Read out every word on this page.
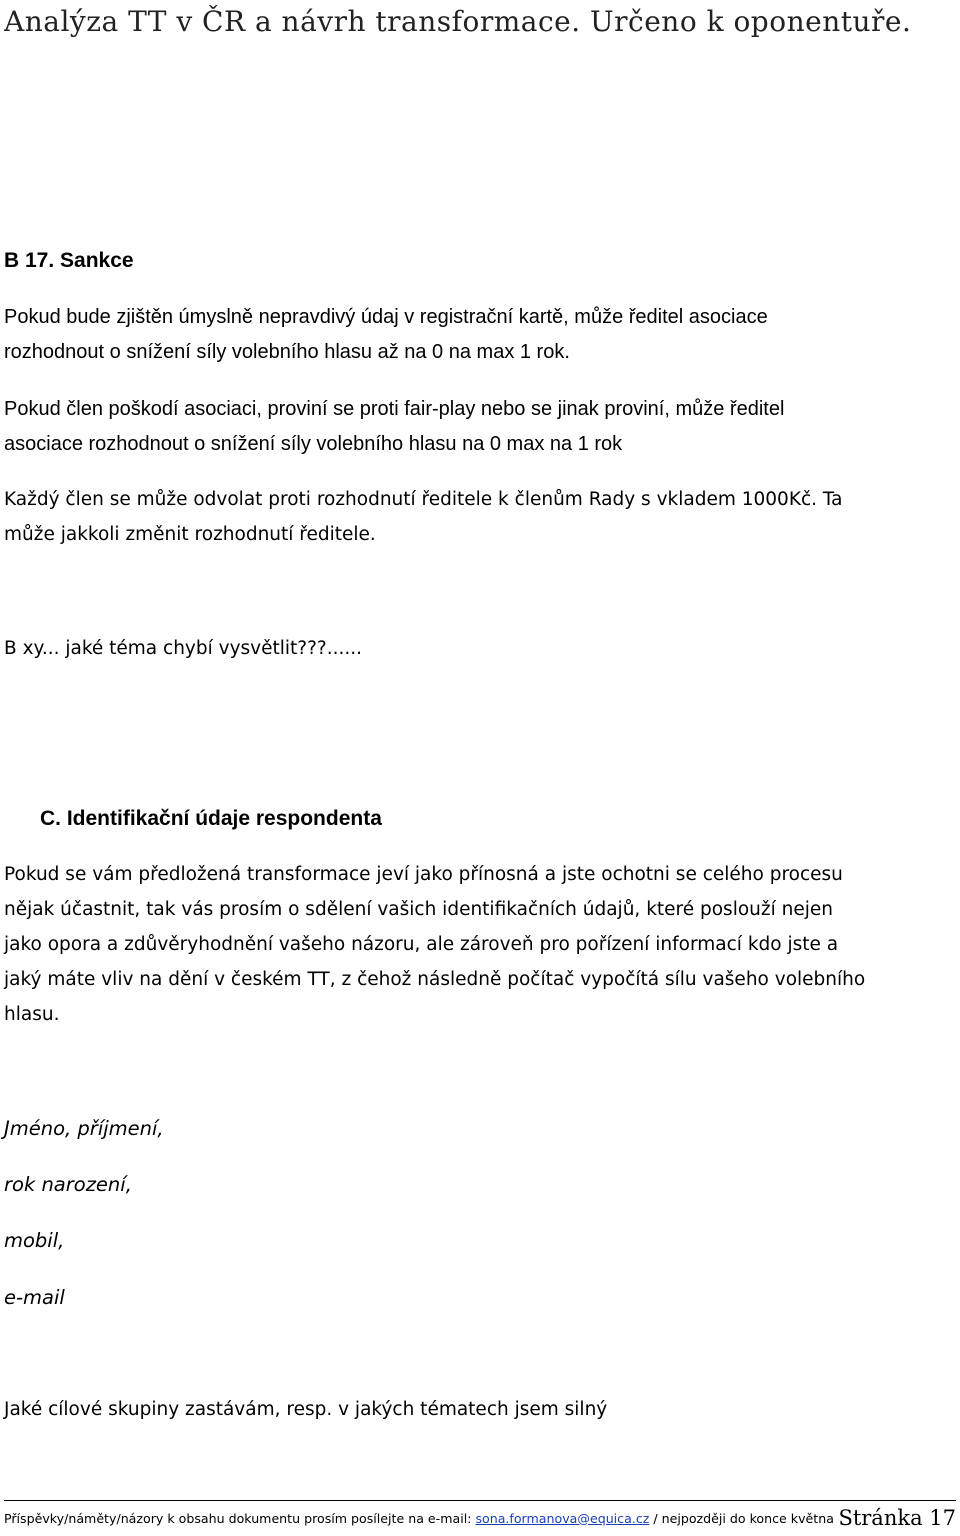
Analýza TT v ČR a návrh transformace. Určeno k oponentuře.
B 17. Sankce
Pokud bude zjištěn úmyslně nepravdivý údaj v registrační kartě, může ředitel asociace
rozhodnout o snížení síly volebního hlasu až na 0 na max 1 rok.
Pokud člen poškodí asociaci, proviní se proti fair-play nebo se jinak proviní, může ředitel
asociace rozhodnout o snížení síly volebního hlasu na 0 max na 1 rok
Každý člen se může odvolat proti rozhodnutí ředitele k členům Rady s vkladem 1000Kč. Ta
může jakkoli změnit rozhodnutí ředitele.
B xy... jaké téma chybí vysvětlit???......
C. Identifikační údaje respondenta
Pokud se vám předložená transformace jeví jako přínosná a jste ochotni se celého procesu
nějak účastnit, tak vás prosím o sdělení vašich identifikačních údajů, které poslouží nejen
jako opora a zdůvěryhodnění vašeho názoru, ale zároveň pro pořízení informací kdo jste a
jaký máte vliv na dění v českém TT, z čehož následně počítač vypočítá sílu vašeho volebního
hlasu.
Jméno, příjmení,
rok narození,
mobil,
e-mail
Jaké cílové skupiny zastávám, resp. v jakých tématech jsem silný
Příspěvky/náměty/názory k obsahu dokumentu prosím posílejte na e-mail: sona.formanova@equica.cz / nejpozději do konce května Stránka 17
